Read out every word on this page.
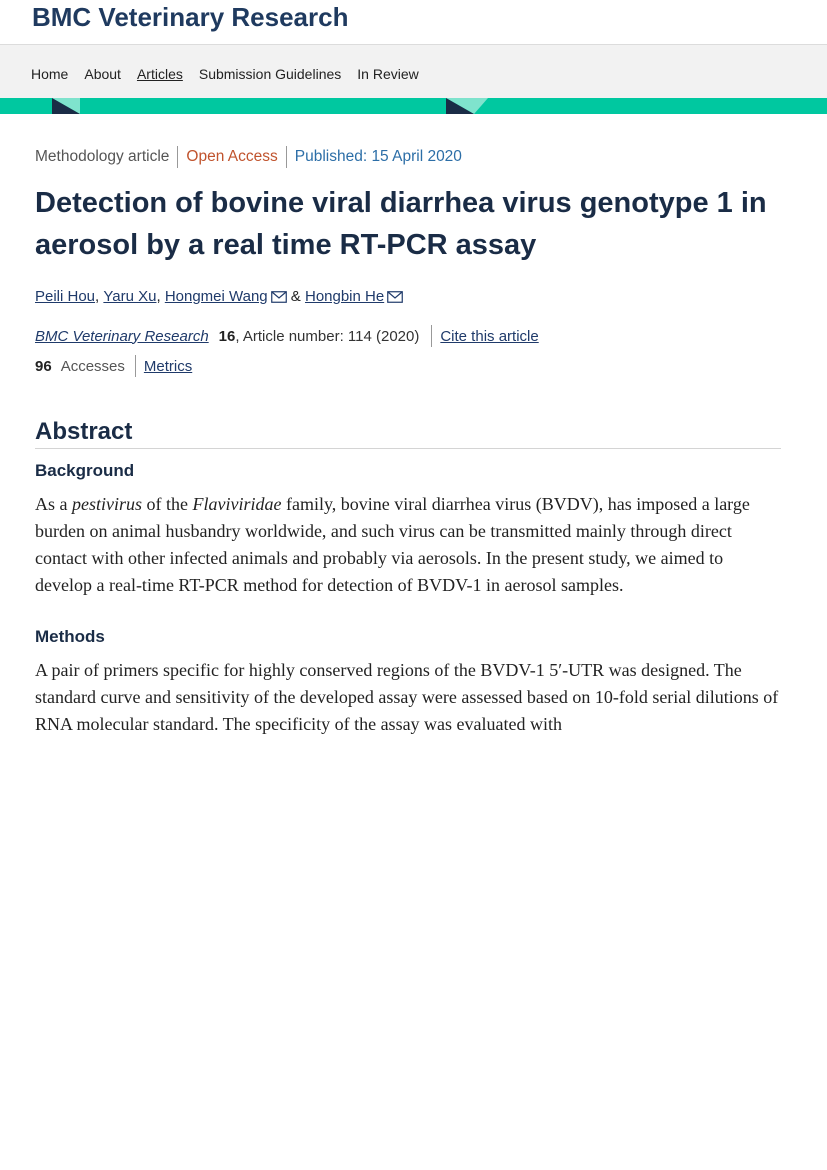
BMC Veterinary Research
Home About Articles Submission Guidelines In Review
Methodology article Open Access Published: 15 April 2020
Detection of bovine viral diarrhea virus genotype 1 in aerosol by a real time RT-PCR assay
Peili Hou , Yaru Xu , Hongmei Wang & Hongbin He
BMC Veterinary Research 16 , Article number: 114 (2020) Cite this article
96 Accesses Metrics
Abstract
Background

As a pestivirus of the Flaviviridae family, bovine viral diarrhea virus (BVDV), has imposed a large burden on animal husbandry worldwide, and such virus can be transmitted mainly through direct contact with other infected animals and probably via aerosols. In the present study, we aimed to develop a real-time RT-PCR method for detection of BVDV-1 in aerosol samples.

Methods

A pair of primers specific for highly conserved regions of the BVDV-1 5′-UTR was designed. The standard curve and sensitivity of the developed assay were assessed based on 10-fold serial dilutions of RNA molecular standard. The specificity of the assay was evaluated with
